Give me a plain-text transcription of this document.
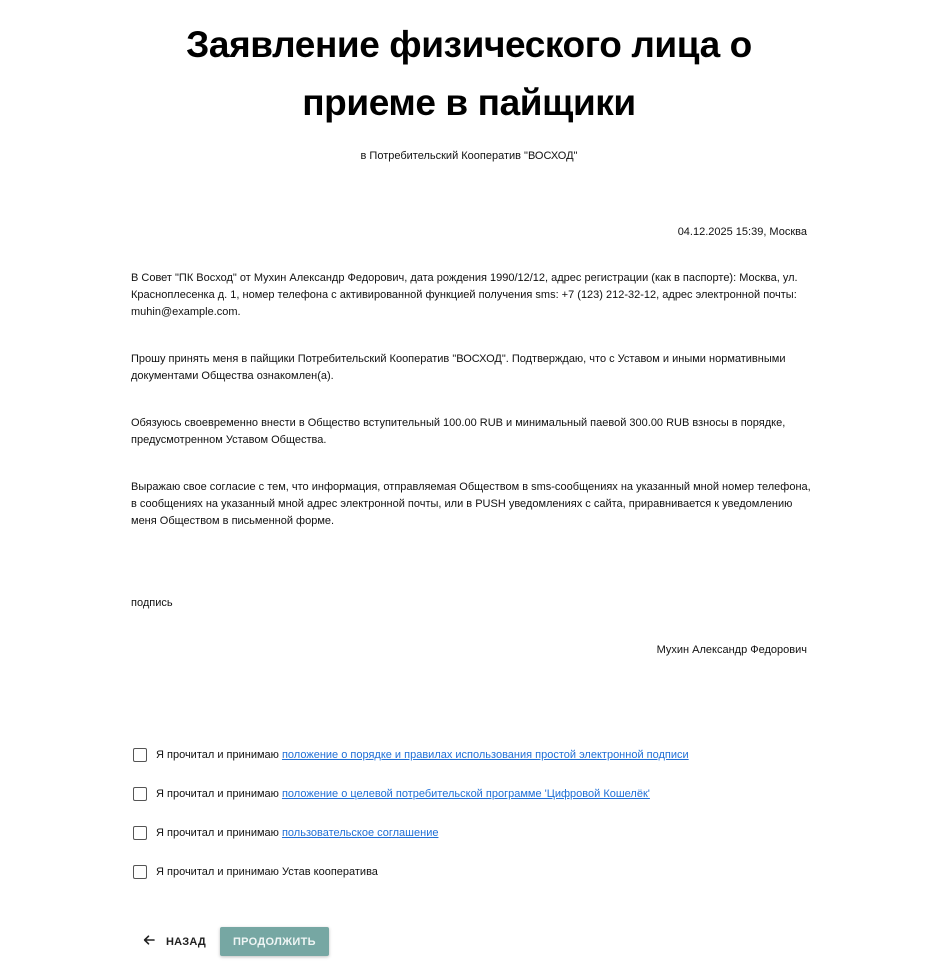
Заявление физического лица о
приеме в пайщики
в Потребительский Кооператив "ВОСХОД"
04.12.2025 15:39, Москва

В Совет "ПК Восход" от Мухин Александр Федорович, дата рождения 1990/12/12, адрес регистрации (как в паспорте): Москва, ул. Красноплесенка д. 1, номер телефона с активированной функцией получения sms: +7 (123) 212-32-12, адрес электронной почты: muhin@example.com.

Прошу принять меня в пайщики Потребительский Кооператив "ВОСХОД". Подтверждаю, что с Уставом и иными нормативными документами Общества ознакомлен(а).

Обязуюсь своевременно внести в Общество вступительный 100.00 RUB и минимальный паевой 300.00 RUB взносы в порядке, предусмотренном Уставом Общества.

Выражаю свое согласие с тем, что информация, отправляемая Обществом в sms-сообщениях на указанный мной номер телефона, в сообщениях на указанный мной адрес электронной почты, или в PUSH уведомлениях с сайта, приравнивается к уведомлению меня Обществом в письменной форме.

подпись
Мухин Александр Федорович
Я прочитал и принимаю положение о порядке и правилах использования простой электронной подписи
Я прочитал и принимаю положение о целевой потребительской программе 'Цифровой Кошелёк'
Я прочитал и принимаю пользовательское соглашение
Я прочитал и принимаю Устав кооператива
НАЗАД ПРОДОЛЖИТЬ
